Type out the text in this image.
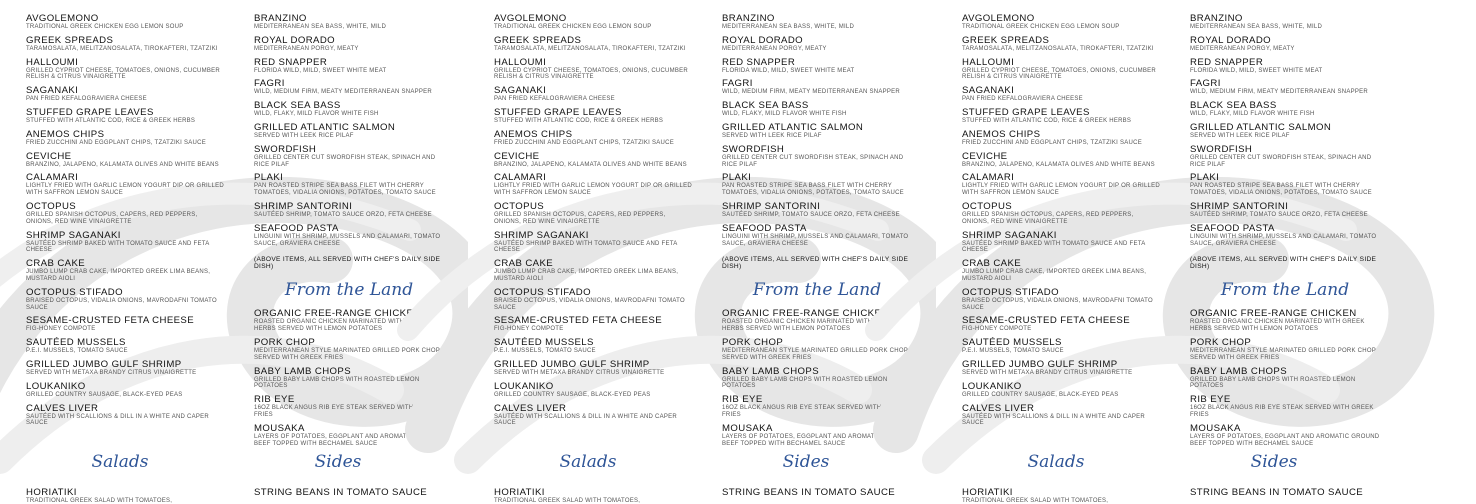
AVGOLEMONO
TRADITIONAL GREEK CHICKEN EGG LEMON SOUP
GREEK SPREADS
TARAMOSALATA, MELITZANOSALATA, TIROKAFTERI, TZATZIKI
HALLOUMI
GRILLED CYPRIOT CHEESE, TOMATOES, ONIONS, CUCUMBER RELISH & CITRUS VINAIGRETTE
SAGANAKI
PAN FRIED KEFALOGRAVIERA CHEESE
STUFFED GRAPE LEAVES
STUFFED WITH ATLANTIC COD, RICE & GREEK HERBS
ANEMOS CHIPS
FRIED ZUCCHINI AND EGGPLANT CHIPS, TZATZIKI SAUCE
CEVICHE
BRANZINO, JALAPENO, KALAMATA OLIVES AND WHITE BEANS
CALAMARI
LIGHTLY FRIED WITH GARLIC LEMON YOGURT DIP OR GRILLED WITH SAFFRON LEMON SAUCE
OCTOPUS
GRILLED SPANISH OCTOPUS, CAPERS, RED PEPPERS, ONIONS, RED WINE VINAIGRETTE
SHRIMP SAGANAKI
SAUTÉED SHRIMP BAKED WITH TOMATO SAUCE AND FETA CHEESE
CRAB CAKE
JUMBO LUMP CRAB CAKE, IMPORTED GREEK LIMA BEANS, MUSTARD AIOLI
OCTOPUS STIFADO
BRAISED OCTOPUS, VIDALIA ONIONS, MAVRODAFNI TOMATO SAUCE
SESAME-CRUSTED FETA CHEESE
FIG-HONEY COMPOTE
SAUTÉED MUSSELS
P.E.I. MUSSELS, TOMATO SAUCE
GRILLED JUMBO GULF SHRIMP
SERVED WITH METAXA BRANDY CITRUS VINAIGRETTE
LOUKANIKO
GRILLED COUNTRY SAUSAGE, BLACK-EYED PEAS
CALVES LIVER
SAUTÉED WITH SCALLIONS & DILL IN A WHITE AND CAPER SAUCE
BRANZINO
MEDITERRANEAN SEA BASS, WHITE, MILD
ROYAL DORADO
MEDITERRANEAN PORGY, MEATY
RED SNAPPER
FLORIDA WILD, MILD, SWEET WHITE MEAT
FAGRI
WILD, MEDIUM FIRM, MEATY MEDITERRANEAN SNAPPER
BLACK SEA BASS
WILD, FLAKY, MILD FLAVOR WHITE FISH
GRILLED ATLANTIC SALMON
SERVED WITH LEEK RICE PILAF
SWORDFISH
GRILLED CENTER CUT SWORDFISH STEAK, SPINACH AND RICE PILAF
PLAKI
PAN ROASTED STRIPE SEA BASS FILET WITH CHERRY TOMATOES, VIDALIA ONIONS, POTATOES, TOMATO SAUCE
SHRIMP SANTORINI
SAUTÉED SHRIMP, TOMATO SAUCE ORZO, FETA CHEESE
SEAFOOD PASTA
LINGUINI WITH SHRIMP, MUSSELS AND CALAMARI, TOMATO SAUCE, GRAVIERA CHEESE
(ABOVE ITEMS, ALL SERVED WITH CHEF'S DAILY SIDE DISH)
From the Land
ORGANIC FREE-RANGE CHICKEN
ROASTED ORGANIC CHICKEN MARINATED WITH GREEK HERBS SERVED WITH LEMON POTATOES
PORK CHOP
MEDITERRANEAN STYLE MARINATED GRILLED PORK CHOP SERVED WITH GREEK FRIES
BABY LAMB CHOPS
GRILLED BABY LAMB CHOPS WITH ROASTED LEMON POTATOES
RIB EYE
16OZ BLACK ANGUS RIB EYE STEAK SERVED WITH GREEK FRIES
MOUSAKA
LAYERS OF POTATOES, EGGPLANT AND AROMATIC GROUND BEEF TOPPED WITH BECHAMEL SAUCE
Salads	Sides
HORIATIKI
TRADITIONAL GREEK SALAD WITH TOMATOES,
STRING BEANS IN TOMATO SAUCE
AVGOLEMONO
TRADITIONAL GREEK CHICKEN EGG LEMON SOUP
GREEK SPREADS
TARAMOSALATA, MELITZANOSALATA, TIROKAFTERI, TZATZIKI
HALLOUMI
GRILLED CYPRIOT CHEESE, TOMATOES, ONIONS, CUCUMBER RELISH & CITRUS VINAIGRETTE
SAGANAKI
PAN FRIED KEFALOGRAVIERA CHEESE
STUFFED GRAPE LEAVES
STUFFED WITH ATLANTIC COD, RICE & GREEK HERBS
ANEMOS CHIPS
FRIED ZUCCHINI AND EGGPLANT CHIPS, TZATZIKI SAUCE
CEVICHE
BRANZINO, JALAPENO, KALAMATA OLIVES AND WHITE BEANS
CALAMARI
LIGHTLY FRIED WITH GARLIC LEMON YOGURT DIP OR GRILLED WITH SAFFRON LEMON SAUCE
OCTOPUS
GRILLED SPANISH OCTOPUS, CAPERS, RED PEPPERS, ONIONS, RED WINE VINAIGRETTE
SHRIMP SAGANAKI
SAUTÉED SHRIMP BAKED WITH TOMATO SAUCE AND FETA CHEESE
CRAB CAKE
JUMBO LUMP CRAB CAKE, IMPORTED GREEK LIMA BEANS, MUSTARD AIOLI
OCTOPUS STIFADO
BRAISED OCTOPUS, VIDALIA ONIONS, MAVRODAFNI TOMATO SAUCE
SESAME-CRUSTED FETA CHEESE
FIG-HONEY COMPOTE
SAUTÉED MUSSELS
P.E.I. MUSSELS, TOMATO SAUCE
GRILLED JUMBO GULF SHRIMP
SERVED WITH METAXA BRANDY CITRUS VINAIGRETTE
LOUKANIKO
GRILLED COUNTRY SAUSAGE, BLACK-EYED PEAS
CALVES LIVER
SAUTÉED WITH SCALLIONS & DILL IN A WHITE AND CAPER SAUCE
BRANZINO
MEDITERRANEAN SEA BASS, WHITE, MILD
ROYAL DORADO
MEDITERRANEAN PORGY, MEATY
RED SNAPPER
FLORIDA WILD, MILD, SWEET WHITE MEAT
FAGRI
WILD, MEDIUM FIRM, MEATY MEDITERRANEAN SNAPPER
BLACK SEA BASS
WILD, FLAKY, MILD FLAVOR WHITE FISH
GRILLED ATLANTIC SALMON
SERVED WITH LEEK RICE PILAF
SWORDFISH
GRILLED CENTER CUT SWORDFISH STEAK, SPINACH AND RICE PILAF
PLAKI
PAN ROASTED STRIPE SEA BASS FILET WITH CHERRY TOMATOES, VIDALIA ONIONS, POTATOES, TOMATO SAUCE
SHRIMP SANTORINI
SAUTÉED SHRIMP, TOMATO SAUCE ORZO, FETA CHEESE
SEAFOOD PASTA
LINGUINI WITH SHRIMP, MUSSELS AND CALAMARI, TOMATO SAUCE, GRAVIERA CHEESE
(ABOVE ITEMS, ALL SERVED WITH CHEF'S DAILY SIDE DISH)
From the Land
ORGANIC FREE-RANGE CHICKEN
ROASTED ORGANIC CHICKEN MARINATED WITH GREEK HERBS SERVED WITH LEMON POTATOES
PORK CHOP
MEDITERRANEAN STYLE MARINATED GRILLED PORK CHOP SERVED WITH GREEK FRIES
BABY LAMB CHOPS
GRILLED BABY LAMB CHOPS WITH ROASTED LEMON POTATOES
RIB EYE
16OZ BLACK ANGUS RIB EYE STEAK SERVED WITH GREEK FRIES
MOUSAKA
LAYERS OF POTATOES, EGGPLANT AND AROMATIC GROUND BEEF TOPPED WITH BECHAMEL SAUCE
Salads	Sides
HORIATIKI
TRADITIONAL GREEK SALAD WITH TOMATOES,
STRING BEANS IN TOMATO SAUCE
AVGOLEMONO
TRADITIONAL GREEK CHICKEN EGG LEMON SOUP
GREEK SPREADS
TARAMOSALATA, MELITZANOSALATA, TIROKAFTERI, TZATZIKI
HALLOUMI
GRILLED CYPRIOT CHEESE, TOMATOES, ONIONS, CUCUMBER RELISH & CITRUS VINAIGRETTE
SAGANAKI
PAN FRIED KEFALOGRAVIERA CHEESE
STUFFED GRAPE LEAVES
STUFFED WITH ATLANTIC COD, RICE & GREEK HERBS
ANEMOS CHIPS
FRIED ZUCCHINI AND EGGPLANT CHIPS, TZATZIKI SAUCE
CEVICHE
BRANZINO, JALAPENO, KALAMATA OLIVES AND WHITE BEANS
CALAMARI
LIGHTLY FRIED WITH GARLIC LEMON YOGURT DIP OR GRILLED WITH SAFFRON LEMON SAUCE
OCTOPUS
GRILLED SPANISH OCTOPUS, CAPERS, RED PEPPERS, ONIONS, RED WINE VINAIGRETTE
SHRIMP SAGANAKI
SAUTÉED SHRIMP BAKED WITH TOMATO SAUCE AND FETA CHEESE
CRAB CAKE
JUMBO LUMP CRAB CAKE, IMPORTED GREEK LIMA BEANS, MUSTARD AIOLI
OCTOPUS STIFADO
BRAISED OCTOPUS, VIDALIA ONIONS, MAVRODAFNI TOMATO SAUCE
SESAME-CRUSTED FETA CHEESE
FIG-HONEY COMPOTE
SAUTÉED MUSSELS
P.E.I. MUSSELS, TOMATO SAUCE
GRILLED JUMBO GULF SHRIMP
SERVED WITH METAXA BRANDY CITRUS VINAIGRETTE
LOUKANIKO
GRILLED COUNTRY SAUSAGE, BLACK-EYED PEAS
CALVES LIVER
SAUTÉED WITH SCALLIONS & DILL IN A WHITE AND CAPER SAUCE
BRANZINO
MEDITERRANEAN SEA BASS, WHITE, MILD
ROYAL DORADO
MEDITERRANEAN PORGY, MEATY
RED SNAPPER
FLORIDA WILD, MILD, SWEET WHITE MEAT
FAGRI
WILD, MEDIUM FIRM, MEATY MEDITERRANEAN SNAPPER
BLACK SEA BASS
WILD, FLAKY, MILD FLAVOR WHITE FISH
GRILLED ATLANTIC SALMON
SERVED WITH LEEK RICE PILAF
SWORDFISH
GRILLED CENTER CUT SWORDFISH STEAK, SPINACH AND RICE PILAF
PLAKI
PAN ROASTED STRIPE SEA BASS FILET WITH CHERRY TOMATOES, VIDALIA ONIONS, POTATOES, TOMATO SAUCE
SHRIMP SANTORINI
SAUTÉED SHRIMP, TOMATO SAUCE ORZO, FETA CHEESE
SEAFOOD PASTA
LINGUINI WITH SHRIMP, MUSSELS AND CALAMARI, TOMATO SAUCE, GRAVIERA CHEESE
(ABOVE ITEMS, ALL SERVED WITH CHEF'S DAILY SIDE DISH)
From the Land
ORGANIC FREE-RANGE CHICKEN
ROASTED ORGANIC CHICKEN MARINATED WITH GREEK HERBS SERVED WITH LEMON POTATOES
PORK CHOP
MEDITERRANEAN STYLE MARINATED GRILLED PORK CHOP SERVED WITH GREEK FRIES
BABY LAMB CHOPS
GRILLED BABY LAMB CHOPS WITH ROASTED LEMON POTATOES
RIB EYE
16OZ BLACK ANGUS RIB EYE STEAK SERVED WITH GREEK FRIES
MOUSAKA
LAYERS OF POTATOES, EGGPLANT AND AROMATIC GROUND BEEF TOPPED WITH BECHAMEL SAUCE
Salads	Sides
HORIATIKI
TRADITIONAL GREEK SALAD WITH TOMATOES,
STRING BEANS IN TOMATO SAUCE
